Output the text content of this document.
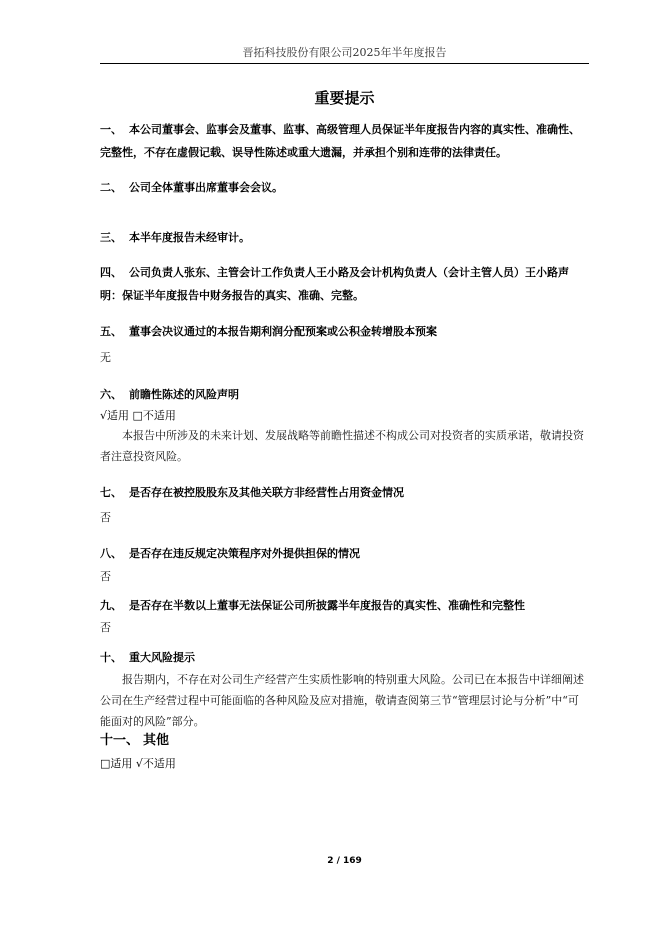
晋拓科技股份有限公司2025年半年度报告
重要提示
一、 本公司董事会、监事会及董事、监事、高级管理人员保证半年度报告内容的真实性、准确性、完整性，不存在虚假记载、误导性陈述或重大遗漏，并承担个别和连带的法律责任。
二、 公司全体董事出席董事会会议。
三、 本半年度报告未经审计。
四、 公司负责人张东、主管会计工作负责人王小路及会计机构负责人（会计主管人员）王小路声明：保证半年度报告中财务报告的真实、准确、完整。
五、 董事会决议通过的本报告期利润分配预案或公积金转增股本预案
无
六、 前瞻性陈述的风险声明
√适用 □不适用
本报告中所涉及的未来计划、发展战略等前瞻性描述不构成公司对投资者的实质承诺，敬请投资者注意投资风险。
七、 是否存在被控股股东及其他关联方非经营性占用资金情况
否
八、 是否存在违反规定决策程序对外提供担保的情况
否
九、 是否存在半数以上董事无法保证公司所披露半年度报告的真实性、准确性和完整性
否
十、 重大风险提示
报告期内，不存在对公司生产经营产生实质性影响的特别重大风险。公司已在本报告中详细阐述公司在生产经营过程中可能面临的各种风险及应对措施，敬请查阅第三节“管理层讨论与分析”中“可能面对的风险”部分。
十一、 其他
□适用 √不适用
2 / 169
